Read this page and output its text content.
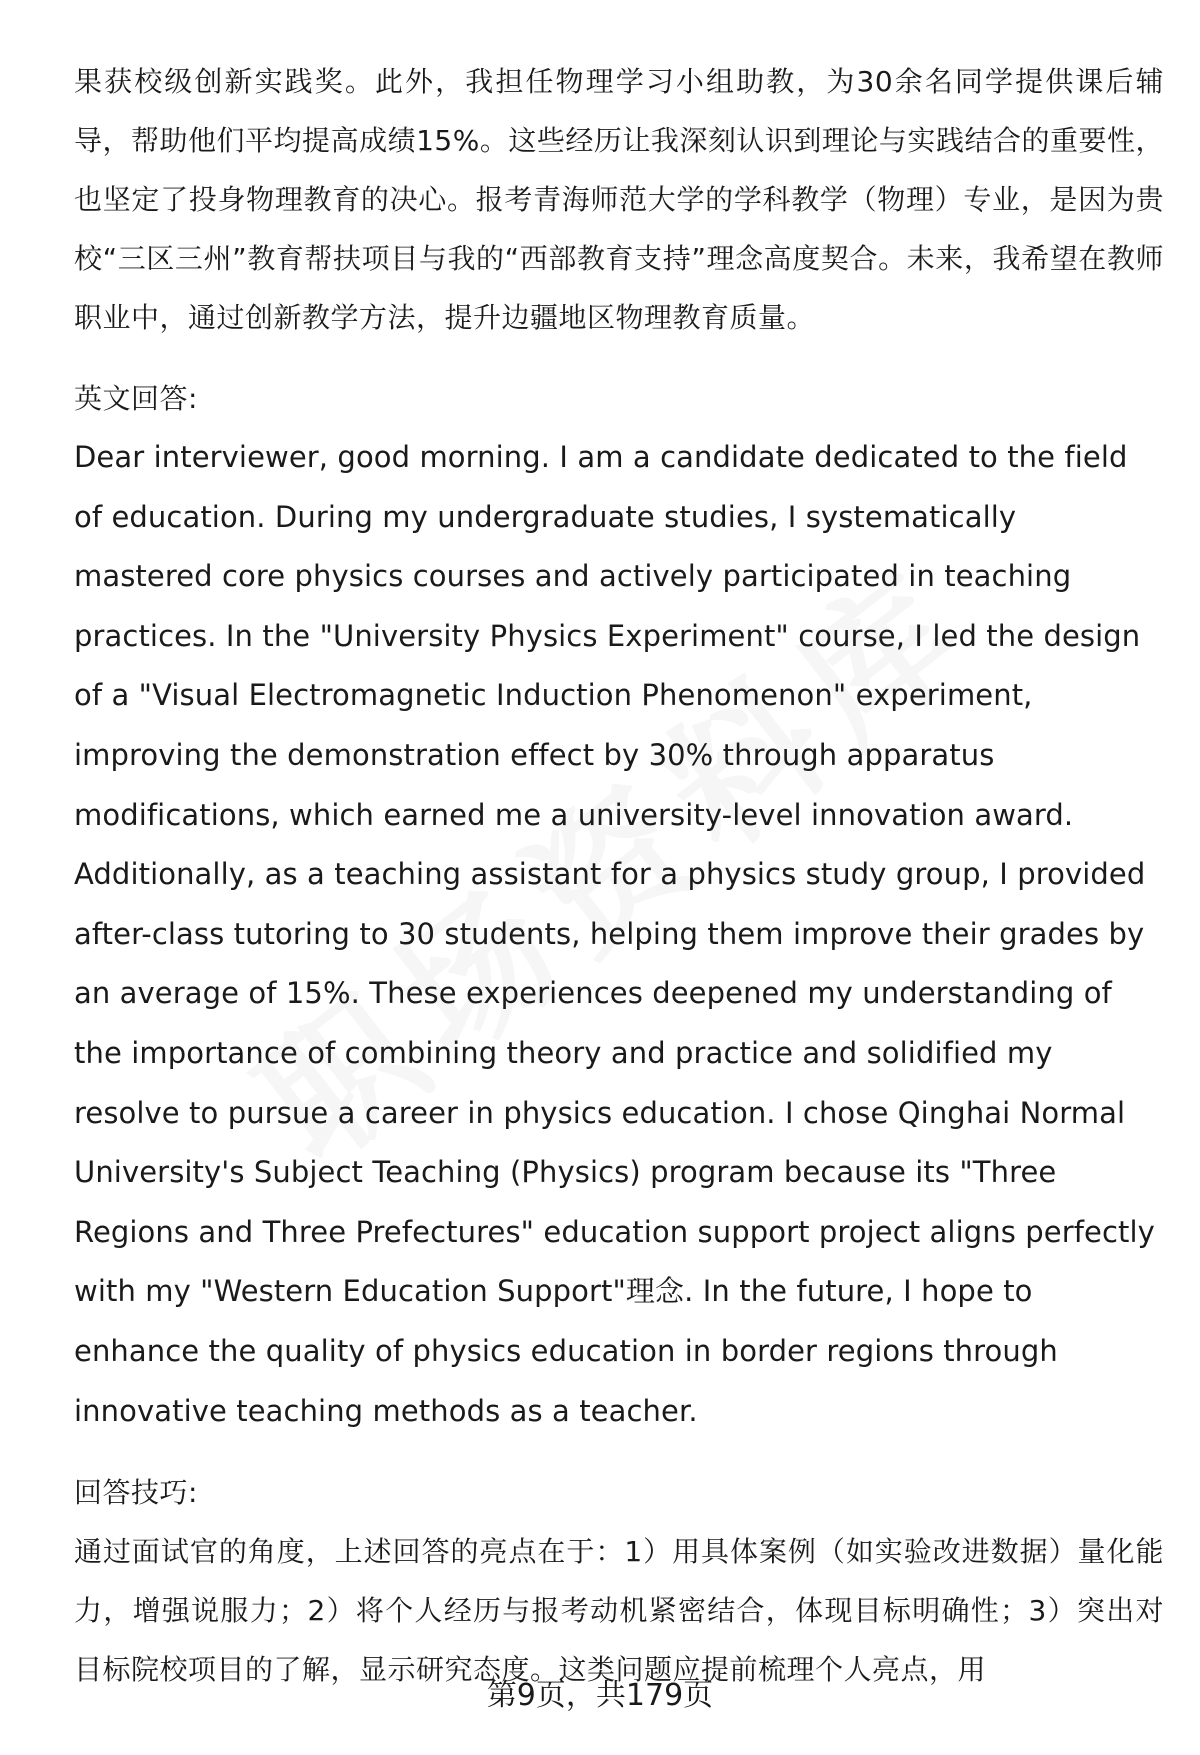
果获校级创新实践奖。此外，我担任物理学习小组助教，为30余名同学提供课后辅导，帮助他们平均提高成绩15%。这些经历让我深刻认识到理论与实践结合的重要性，也坚定了投身物理教育的决心。报考青海师范大学的学科教学（物理）专业，是因为贵校“三区三州”教育帮扶项目与我的“西部教育支持”理念高度契合。未来，我希望在教师职业中，通过创新教学方法，提升边疆地区物理教育质量。

英文回答:

Dear interviewer, good morning. I am a candidate dedicated to the field of education. During my undergraduate studies, I systematically mastered core physics courses and actively participated in teaching practices. In the "University Physics Experiment" course, I led the design of a "Visual Electromagnetic Induction Phenomenon" experiment, improving the demonstration effect by 30% through apparatus modifications, which earned me a university-level innovation award. Additionally, as a teaching assistant for a physics study group, I provided after-class tutoring to 30 students, helping them improve their grades by an average of 15%. These experiences deepened my understanding of the importance of combining theory and practice and solidified my resolve to pursue a career in physics education. I chose Qinghai Normal University's Subject Teaching (Physics) program because its "Three Regions and Three Prefectures" education support project aligns perfectly with my "Western Education Support"理念. In the future, I hope to enhance the quality of physics education in border regions through innovative teaching methods as a teacher.

回答技巧:

通过面试官的角度，上述回答的亮点在于：1）用具体案例（如实验改进数据）量化能力，增强说服力；2）将个人经历与报考动机紧密结合，体现目标明确性；3）突出对目标院校项目的了解，显示研究态度。这类问题应提前梳理个人亮点，用

第9页，共179页
